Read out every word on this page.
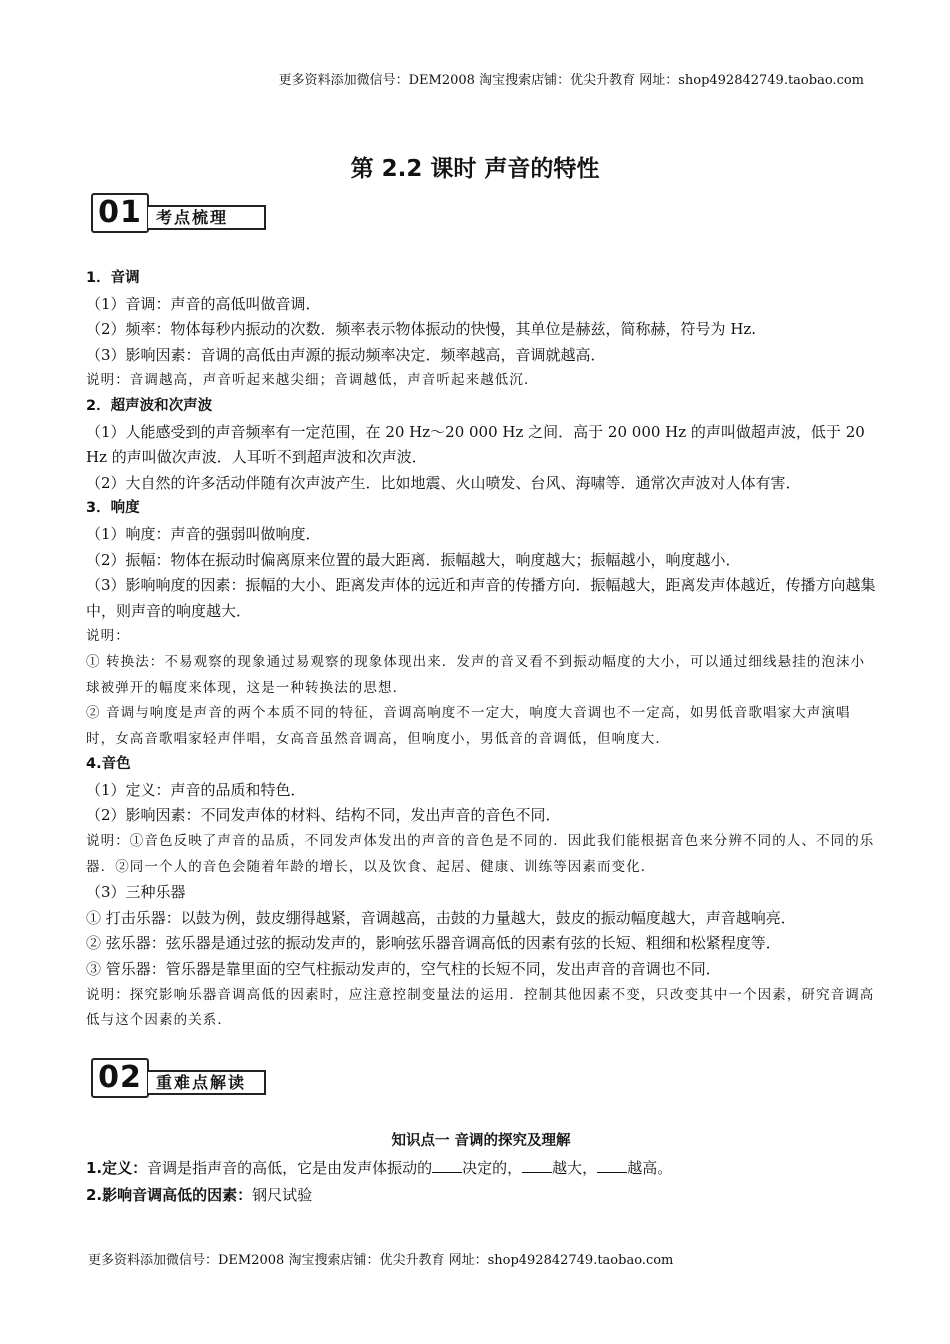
更多资料添加微信号：DEM2008 淘宝搜索店铺：优尖升教育 网址：shop492842749.taobao.com
第 2.2 课时 声音的特性
01 考点梳理

1．音调

（1）音调：声音的高低叫做音调．

（2）频率：物体每秒内振动的次数．频率表示物体振动的快慢，其单位是赫兹，简称赫，符号为 Hz.

（3）影响因素：音调的高低由声源的振动频率决定．频率越高，音调就越高．

说明：音调越高，声音听起来越尖细；音调越低，声音听起来越低沉．

2．超声波和次声波

（1）人能感受到的声音频率有一定范围，在 20 Hz～20 000 Hz 之间．高于 20 000 Hz 的声叫做超声波，低于 20 Hz 的声叫做次声波．人耳听不到超声波和次声波．

（2）大自然的许多活动伴随有次声波产生．比如地震、火山喷发、台风、海啸等．通常次声波对人体有害．

3．响度

（1）响度：声音的强弱叫做响度．

（2）振幅：物体在振动时偏离原来位置的最大距离．振幅越大，响度越大；振幅越小，响度越小．

（3）影响响度的因素：振幅的大小、距离发声体的远近和声音的传播方向．振幅越大，距离发声体越近，传播方向越集中，则声音的响度越大．

说明：

① 转换法：不易观察的现象通过易观察的现象体现出来．发声的音叉看不到振动幅度的大小，可以通过细线悬挂的泡沫小球被弹开的幅度来体现，这是一种转换法的思想．

② 音调与响度是声音的两个本质不同的特征，音调高响度不一定大，响度大音调也不一定高，如男低音歌唱家大声演唱时，女高音歌唱家轻声伴唱，女高音虽然音调高，但响度小，男低音的音调低，但响度大．

4.音色

（1）定义：声音的品质和特色．

（2）影响因素：不同发声体的材料、结构不同，发出声音的音色不同．

说明：①音色反映了声音的品质，不同发声体发出的声音的音色是不同的．因此我们能根据音色来分辨不同的人、不同的乐器．②同一个人的音色会随着年龄的增长，以及饮食、起居、健康、训练等因素而变化．

（3）三种乐器

① 打击乐器：以鼓为例，鼓皮绷得越紧，音调越高，击鼓的力量越大，鼓皮的振动幅度越大，声音越响亮．

② 弦乐器：弦乐器是通过弦的振动发声的，影响弦乐器音调高低的因素有弦的长短、粗细和松紧程度等．

③ 管乐器：管乐器是靠里面的空气柱振动发声的，空气柱的长短不同，发出声音的音调也不同．

说明：探究影响乐器音调高低的因素时，应注意控制变量法的运用．控制其他因素不变，只改变其中一个因素，研究音调高低与这个因素的关系．

02 重难点解读

知识点一 音调的探究及理解

1.定义：音调是指声音的高低，它是由发声体振动的 决定的， 越大， 越高。

2.影响音调高低的因素：钢尺试验

更多资料添加微信号：DEM2008 淘宝搜索店铺：优尖升教育 网址：shop492842749.taobao.com
